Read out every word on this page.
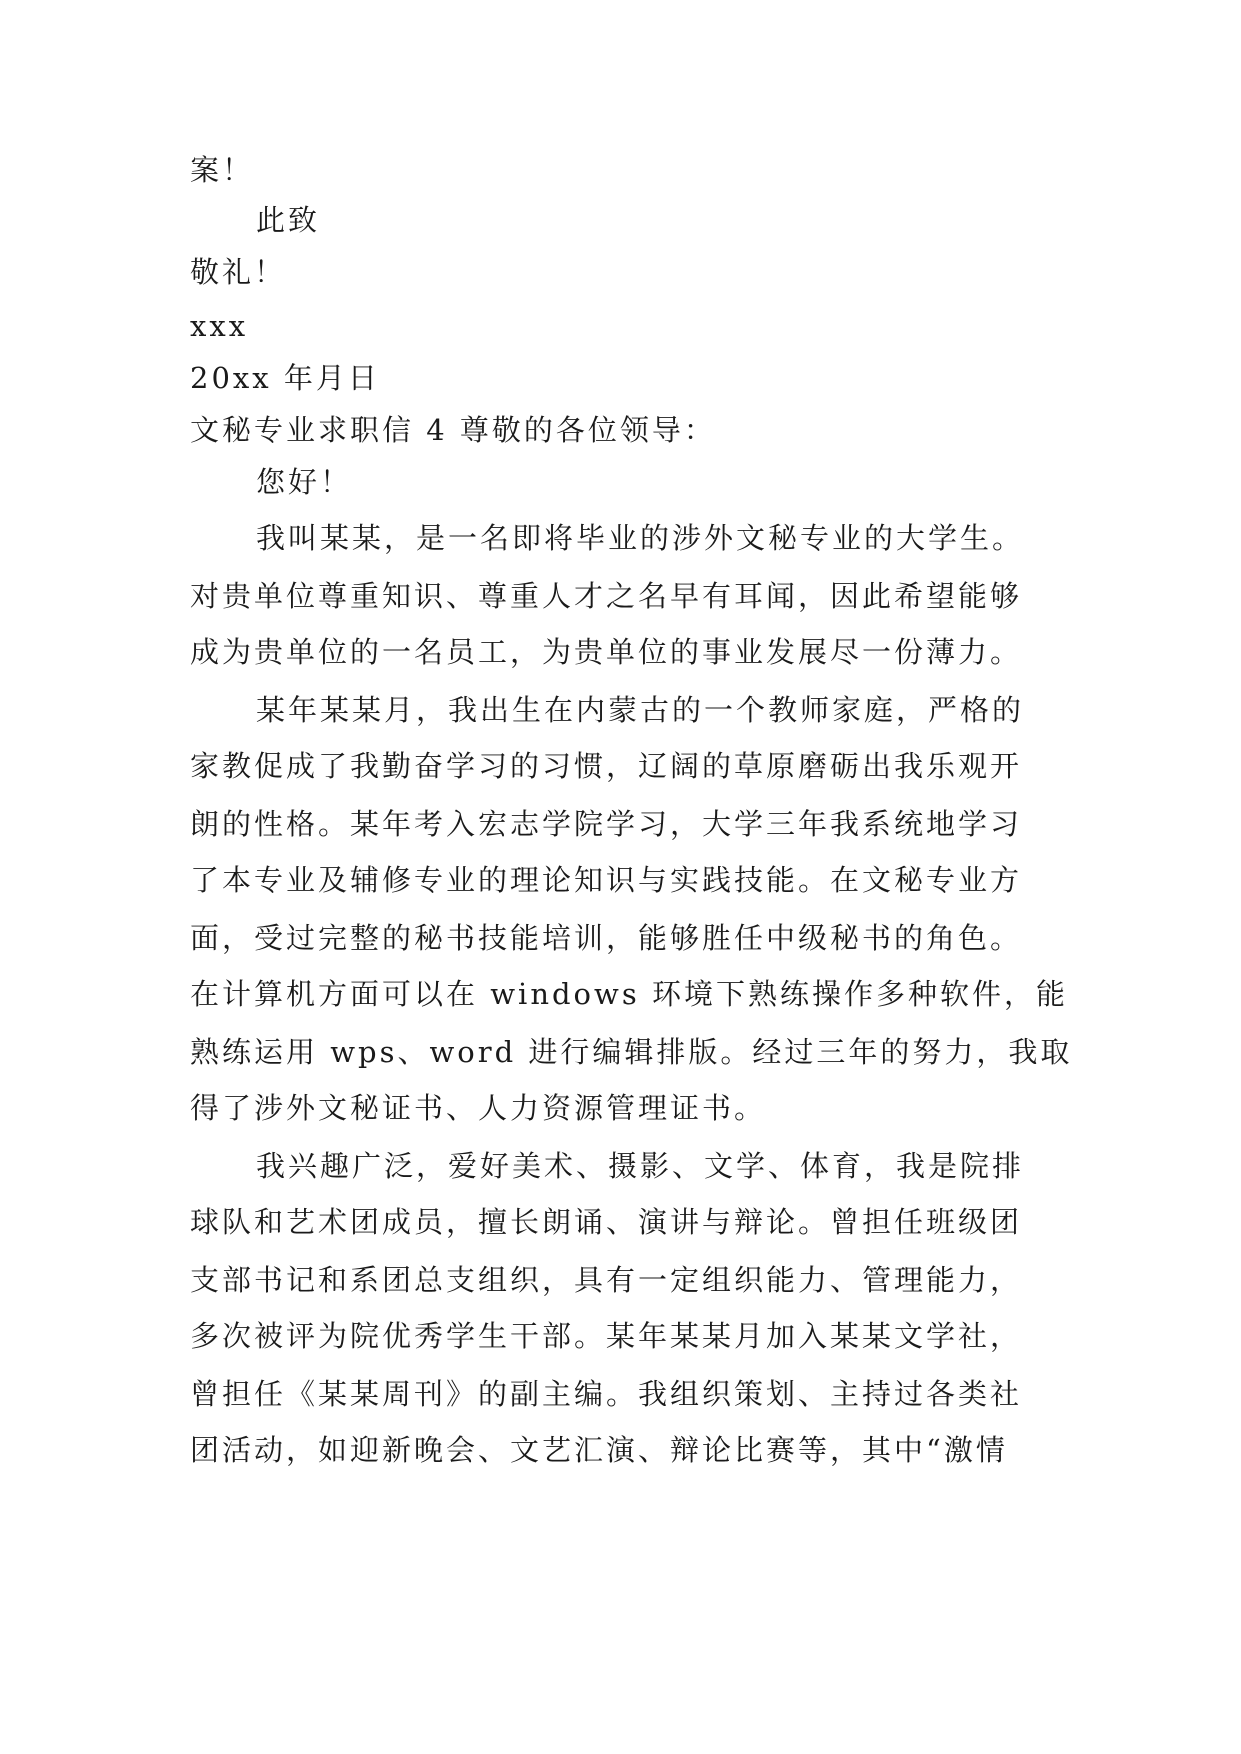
案！
此致
敬礼！
xxx
20xx 年月日
文秘专业求职信 4 尊敬的各位领导：
您好！
我叫某某，是一名即将毕业的涉外文秘专业的大学生。
对贵单位尊重知识、尊重人才之名早有耳闻，因此希望能够
成为贵单位的一名员工，为贵单位的事业发展尽一份薄力。
某年某某月，我出生在内蒙古的一个教师家庭，严格的
家教促成了我勤奋学习的习惯，辽阔的草原磨砺出我乐观开
朗的性格。某年考入宏志学院学习，大学三年我系统地学习
了本专业及辅修专业的理论知识与实践技能。在文秘专业方
面，受过完整的秘书技能培训，能够胜任中级秘书的角色。
在计算机方面可以在 windows 环境下熟练操作多种软件，能
熟练运用 wps、word 进行编辑排版。经过三年的努力，我取
得了涉外文秘证书、人力资源管理证书。
我兴趣广泛，爱好美术、摄影、文学、体育，我是院排
球队和艺术团成员，擅长朗诵、演讲与辩论。曾担任班级团
支部书记和系团总支组织，具有一定组织能力、管理能力，
多次被评为院优秀学生干部。某年某某月加入某某文学社，
曾担任《某某周刊》的副主编。我组织策划、主持过各类社
团活动，如迎新晚会、文艺汇演、辩论比赛等，其中“激情
